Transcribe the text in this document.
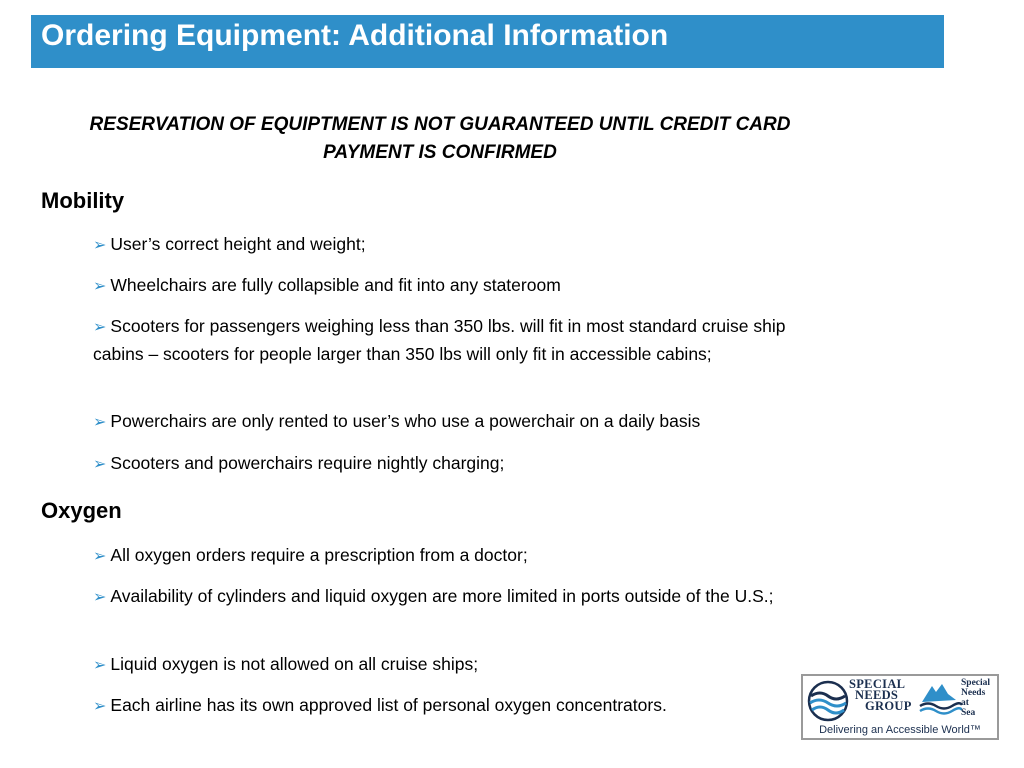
Ordering Equipment: Additional Information
RESERVATION OF EQUIPTMENT IS NOT GUARANTEED UNTIL CREDIT CARD PAYMENT IS CONFIRMED
Mobility
➢ User’s correct height and weight;
➢ Wheelchairs are fully collapsible and fit into any stateroom
➢ Scooters for passengers weighing less than 350 lbs. will fit in most standard cruise ship cabins – scooters for people larger than 350 lbs will only fit in accessible cabins;
➢ Powerchairs are only rented to user’s who use a powerchair on a daily basis
➢ Scooters and powerchairs require nightly charging;
Oxygen
➢ All oxygen orders require a prescription from a doctor;
➢ Availability of cylinders and liquid oxygen are more limited in ports outside of the U.S.;
➢ Liquid oxygen is not allowed on all cruise ships;
➢ Each airline has its own approved list of personal oxygen concentrators.
SPECIAL
NEEDS
GROUP
Special
Needs
at
Sea
Delivering an Accessible World™
